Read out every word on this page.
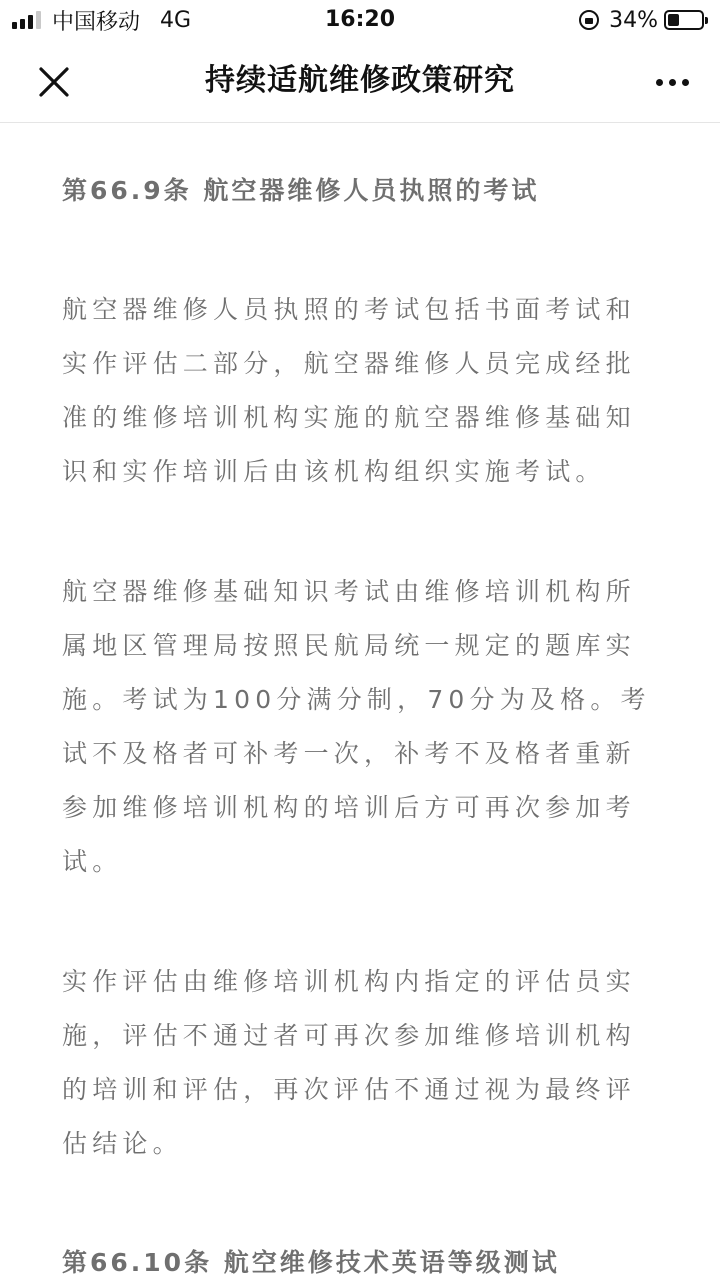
中国移动 4G	16:20	34%
持续适航维修政策研究

第66.9条 航空器维修人员执照的考试

航空器维修人员执照的考试包括书面考试和实作评估二部分，航空器维修人员完成经批准的维修培训机构实施的航空器维修基础知识和实作培训后由该机构组织实施考试。

航空器维修基础知识考试由维修培训机构所属地区管理局按照民航局统一规定的题库实施。考试为100分满分制，70分为及格。考试不及格者可补考一次，补考不及格者重新参加维修培训机构的培训后方可再次参加考试。

实作评估由维修培训机构内指定的评估员实施，评估不通过者可再次参加维修培训机构的培训和评估，再次评估不通过视为最终评估结论。

第66.10条 航空维修技术英语等级测试
